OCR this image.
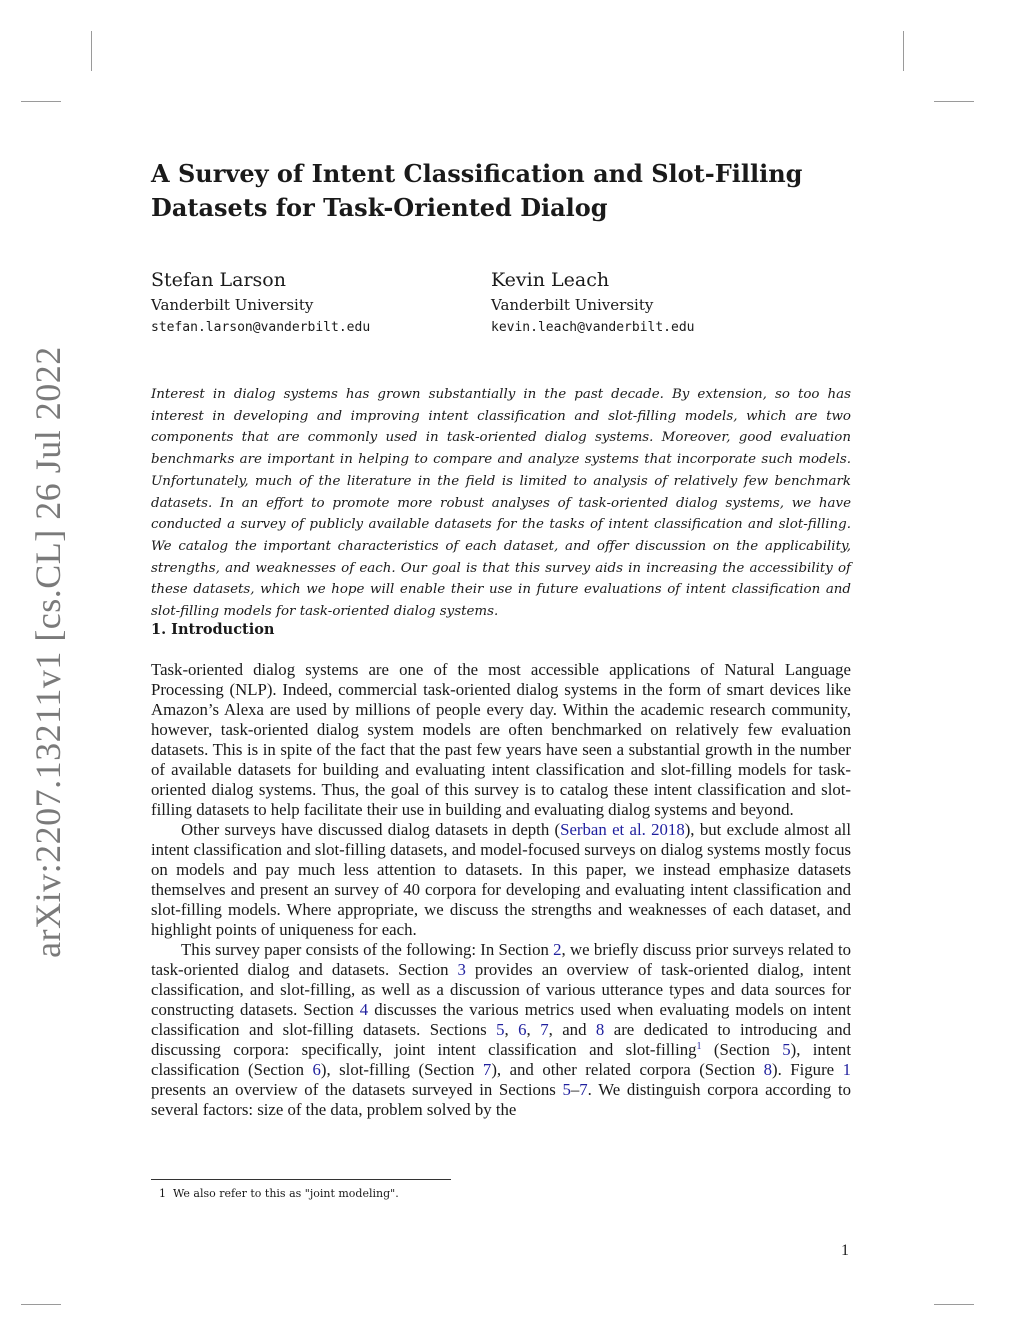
arXiv:2207.13211v1 [cs.CL] 26 Jul 2022
A Survey of Intent Classification and Slot-Filling
Datasets for Task-Oriented Dialog
Stefan Larson
Vanderbilt University
stefan.larson@vanderbilt.edu
Kevin Leach
Vanderbilt University
kevin.leach@vanderbilt.edu

Interest in dialog systems has grown substantially in the past decade. By extension, so too has interest in developing and improving intent classification and slot-filling models, which are two components that are commonly used in task-oriented dialog systems. Moreover, good evaluation benchmarks are important in helping to compare and analyze systems that incorporate such models. Unfortunately, much of the literature in the field is limited to analysis of relatively few benchmark datasets. In an effort to promote more robust analyses of task-oriented dialog systems, we have conducted a survey of publicly available datasets for the tasks of intent classification and slot-filling. We catalog the important characteristics of each dataset, and offer discussion on the applicability, strengths, and weaknesses of each. Our goal is that this survey aids in increasing the accessibility of these datasets, which we hope will enable their use in future evaluations of intent classification and slot-filling models for task-oriented dialog systems.

1. Introduction

Task-oriented dialog systems are one of the most accessible applications of Natural Language Processing (NLP). Indeed, commercial task-oriented dialog systems in the form of smart devices like Amazon’s Alexa are used by millions of people every day. Within the academic research community, however, task-oriented dialog system models are often benchmarked on relatively few evaluation datasets. This is in spite of the fact that the past few years have seen a substantial growth in the number of available datasets for building and evaluating intent classification and slot-filling models for task-oriented dialog systems. Thus, the goal of this survey is to catalog these intent classification and slot-filling datasets to help facilitate their use in building and evaluating dialog systems and beyond.

Other surveys have discussed dialog datasets in depth (Serban et al. 2018), but exclude almost all intent classification and slot-filling datasets, and model-focused surveys on dialog systems mostly focus on models and pay much less attention to datasets. In this paper, we instead emphasize datasets themselves and present an survey of 40 corpora for developing and evaluating intent classification and slot-filling models. Where appropriate, we discuss the strengths and weaknesses of each dataset, and highlight points of uniqueness for each.

This survey paper consists of the following: In Section 2, we briefly discuss prior surveys related to task-oriented dialog and datasets. Section 3 provides an overview of task-oriented dialog, intent classification, and slot-filling, as well as a discussion of various utterance types and data sources for constructing datasets. Section 4 discusses the various metrics used when evaluating models on intent classification and slot-filling datasets. Sections 5, 6, 7, and 8 are dedicated to introducing and discussing corpora: specifically, joint intent classification and slot-filling$^1$ (Section 5), intent classification (Section 6), slot-filling (Section 7), and other related corpora (Section 8). Figure 1 presents an overview of the datasets surveyed in Sections 5–7. We distinguish corpora according to several factors: size of the data, problem solved by the

1 We also refer to this as "joint modeling".
1
